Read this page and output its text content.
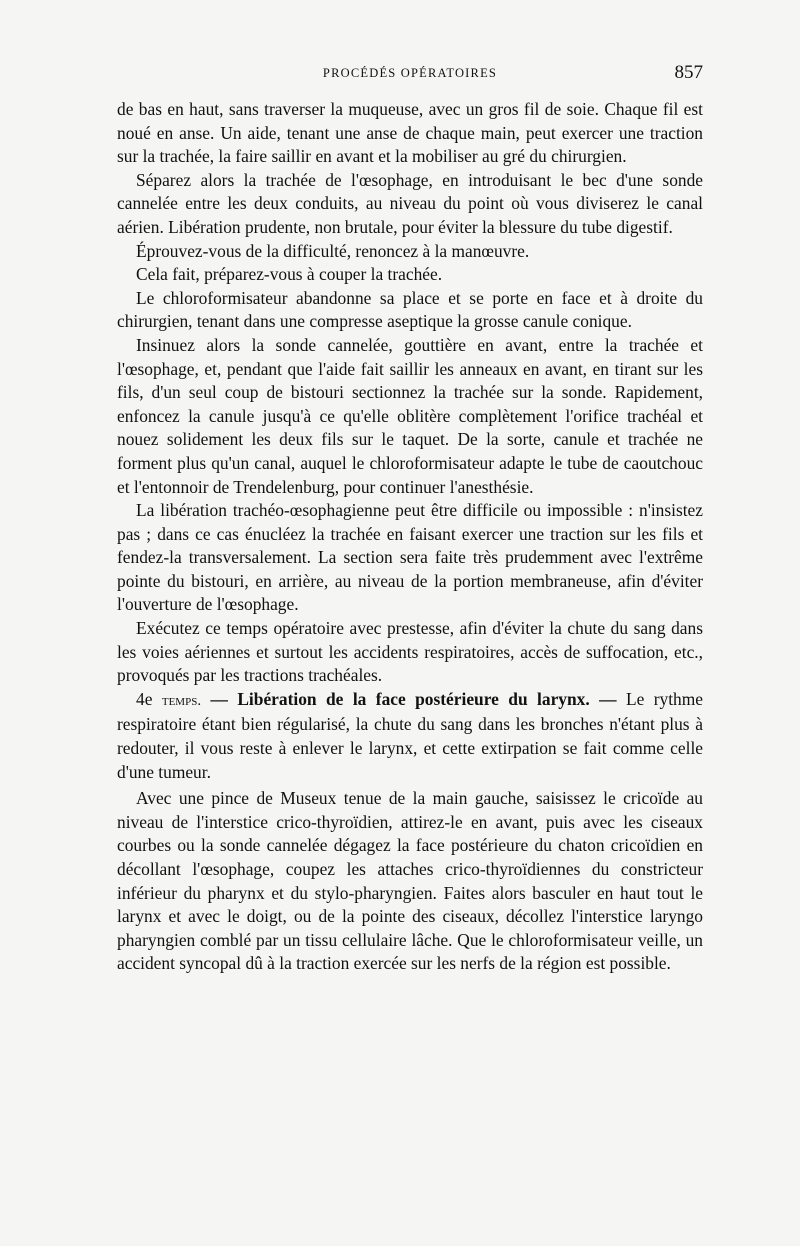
PROCÉDÉS OPÉRATOIRES	857

de bas en haut, sans traverser la muqueuse, avec un gros fil de soie. Chaque fil est noué en anse. Un aide, tenant une anse de chaque main, peut exercer une traction sur la trachée, la faire saillir en avant et la mobiliser au gré du chirurgien.

Séparez alors la trachée de l'œsophage, en introduisant le bec d'une sonde cannelée entre les deux conduits, au niveau du point où vous diviserez le canal aérien. Libération prudente, non brutale, pour éviter la blessure du tube digestif.

Éprouvez-vous de la difficulté, renoncez à la manœuvre.

Cela fait, préparez-vous à couper la trachée.

Le chloroformisateur abandonne sa place et se porte en face et à droite du chirurgien, tenant dans une compresse aseptique la grosse canule conique.

Insinuez alors la sonde cannelée, gouttière en avant, entre la trachée et l'œsophage, et, pendant que l'aide fait saillir les anneaux en avant, en tirant sur les fils, d'un seul coup de bistouri sectionnez la trachée sur la sonde. Rapidement, enfoncez la canule jusqu'à ce qu'elle oblitère complètement l'orifice trachéal et nouez solidement les deux fils sur le taquet. De la sorte, canule et trachée ne forment plus qu'un canal, auquel le chloroformisateur adapte le tube de caoutchouc et l'entonnoir de Trendelenburg, pour continuer l'anesthésie.

La libération trachéo-œsophagienne peut être difficile ou impossible : n'insistez pas ; dans ce cas énucléez la trachée en faisant exercer une traction sur les fils et fendez-la transversalement. La section sera faite très prudemment avec l'extrême pointe du bistouri, en arrière, au niveau de la portion membraneuse, afin d'éviter l'ouverture de l'œsophage.

Exécutez ce temps opératoire avec prestesse, afin d'éviter la chute du sang dans les voies aériennes et surtout les accidents respiratoires, accès de suffocation, etc., provoqués par les tractions trachéales.

4e temps. — Libération de la face postérieure du larynx. — Le rythme respiratoire étant bien régularisé, la chute du sang dans les bronches n'étant plus à redouter, il vous reste à enlever le larynx, et cette extirpation se fait comme celle d'une tumeur.

Avec une pince de Museux tenue de la main gauche, saisissez le cricoïde au niveau de l'interstice crico-thyroïdien, attirez-le en avant, puis avec les ciseaux courbes ou la sonde cannelée dégagez la face postérieure du chaton cricoïdien en décollant l'œsophage, coupez les attaches crico-thyroïdiennes du constricteur inférieur du pharynx et du stylo-pharyngien. Faites alors basculer en haut tout le larynx et avec le doigt, ou de la pointe des ciseaux, décollez l'interstice laryngo pharyngien comblé par un tissu cellulaire lâche. Que le chloroformisateur veille, un accident syncopal dû à la traction exercée sur les nerfs de la région est possible.
